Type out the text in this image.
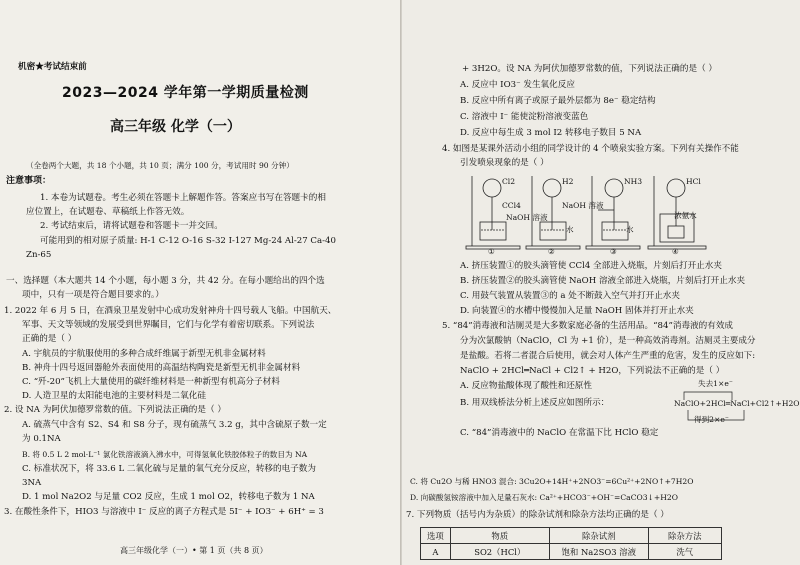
机密★考试结束前
2023—2024 学年第一学期质量检测
高三年级 化学（一）
（全卷两个大题，共 18 个小题，共 10 页；满分 100 分，考试用时 90 分钟）
注意事项：
1. 本卷为试题卷。考生必须在答题卡上解题作答。答案应书写在答题卡的相
应位置上，在试题卷、草稿纸上作答无效。
2. 考试结束后，请将试题卷和答题卡一并交回。
可能用到的相对原子质量: H-1 C-12 O-16 S-32 I-127 Mg-24 Al-27 Ca-40
Zn-65
一、选择题（本大题共 14 个小题，每小题 3 分，共 42 分。在每小题给出的四个选
项中，只有一项是符合题目要求的。）
1. 2022 年 6 月 5 日，在酒泉卫星发射中心成功发射神舟十四号载人飞船。中国航天、
军事、天文等领域的发展受到世界瞩目，它们与化学有着密切联系。下列说法
正确的是（ ）
A. 宇航员的宇航服使用的多种合成纤维属于新型无机非金属材料
B. 神舟十四号返回器舱外表面使用的高温结构陶瓷是新型无机非金属材料
C. “歼-20”飞机上大量使用的碳纤维材料是一种新型有机高分子材料
D. 人造卫星的太阳能电池的主要材料是二氧化硅
2. 设 NA 为阿伏加德罗常数的值。下列说法正确的是（ ）
A. 硫蒸气中含有 S2、S4 和 S8 分子，现有硫蒸气 3.2 g，其中含硫原子数一定
为 0.1NA
B. 将 0.5 L 2 mol·L⁻¹ 氯化铁溶液滴入沸水中，可得氢氧化铁胶体粒子的数目为 NA
C. 标准状况下，将 33.6 L 二氧化硫与足量的氧气充分反应，转移的电子数为
3NA
D. 1 mol Na2O2 与足量 CO2 反应，生成 1 mol O2，转移电子数为 1 NA
3. 在酸性条件下，HIO3 与溶液中 I⁻ 反应的离子方程式是 5I⁻ + IO3⁻ + 6H⁺ = 3
高三年级化学（一）• 第 1 页（共 8 页）
+ 3H2O。设 NA 为阿伏加德罗常数的值，下列说法正确的是（ ）
A. 反应中 IO3⁻ 发生氧化反应
B. 反应中所有离子或原子最外层都为 8e⁻ 稳定结构
C. 溶液中 I⁻ 能使淀粉溶液变蓝色
D. 反应中每生成 3 mol I2 转移电子数目 5 NA
4. 如图是某课外活动小组的同学设计的 4 个喷泉实验方案。下列有关操作不能
引发喷泉现象的是（ ）
Cl2	H2	NH3	HCl
CCl4
NaOH 溶液
NaOH 溶液
水	水
浓氨水
①	②	③	④
A. 挤压装置①的胶头滴管使 CCl4 全部进入烧瓶，片刻后打开止水夹
B. 挤压装置②的胶头滴管使 NaOH 溶液全部进入烧瓶，片刻后打开止水夹
C. 用鼓气装置从装置③的 a 处不断鼓入空气并打开止水夹
D. 向装置④的水槽中慢慢加入足量 NaOH 固体并打开止水夹
5. “84”消毒液和洁厕灵是大多数家庭必备的生活用品。“84”消毒液的有效成
分为次氯酸钠（NaClO，Cl 为 +1 价），是一种高效消毒剂。洁厕灵主要成分
是盐酸。若将二者混合后使用，就会对人体产生严重的危害，发生的反应如下:
NaClO + 2HCl═NaCl + Cl2↑ + H2O，下列说法不正确的是（ ）
A. 反应物盐酸体现了酸性和还原性
B. 用双线桥法分析上述反应如图所示：
失去1×e⁻
NaClO+2HCl═NaCl+Cl2↑+H2O
得到2×e⁻
C. “84”消毒液中的 NaClO 在常温下比 HClO 稳定
C. 将 Cu2O 与稀 HNO3 混合: 3Cu2O+14H⁺+2NO3⁻=6Cu²⁺+2NO↑+7H2O
D. 向碳酸氢铵溶液中加入足量石灰水: Ca²⁺+HCO3⁻+OH⁻=CaCO3↓+H2O
7. 下列物质（括号内为杂质）的除杂试剂和除杂方法均正确的是（ ）
选项	物质	除杂试剂	除杂方法
A	SO2（HCl）	饱和 Na2SO3 溶液	洗气
